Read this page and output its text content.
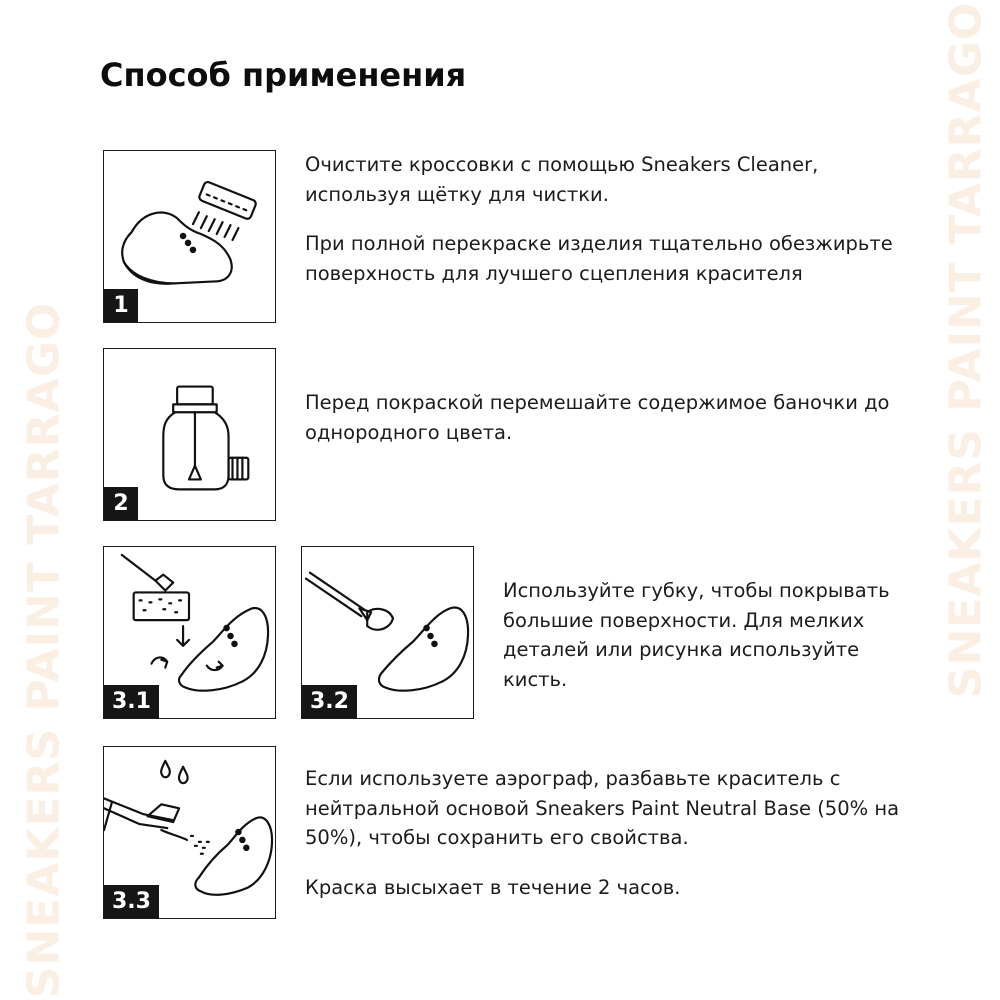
SNEAKERS PAINT TARRAGO	SNEAKERS PAINT TARRAGO
Способ применения
1

Очистите кроссовки с помощью Sneakers Cleaner, используя щётку для чистки.

При полной перекраске изделия тщательно обезжирьте поверхность для лучшего сцепления красителя

2

Перед покраской перемешайте содержимое баночки до однородного цвета.

3.1	3.2

Используйте губку, чтобы покрывать большие поверхности. Для мелких деталей или рисунка используйте кисть.

3.3

Если используете аэрограф, разбавьте краситель с нейтральной основой Sneakers Paint Neutral Base (50% на 50%), чтобы сохранить его свойства.

Краска высыхает в течение 2 часов.
